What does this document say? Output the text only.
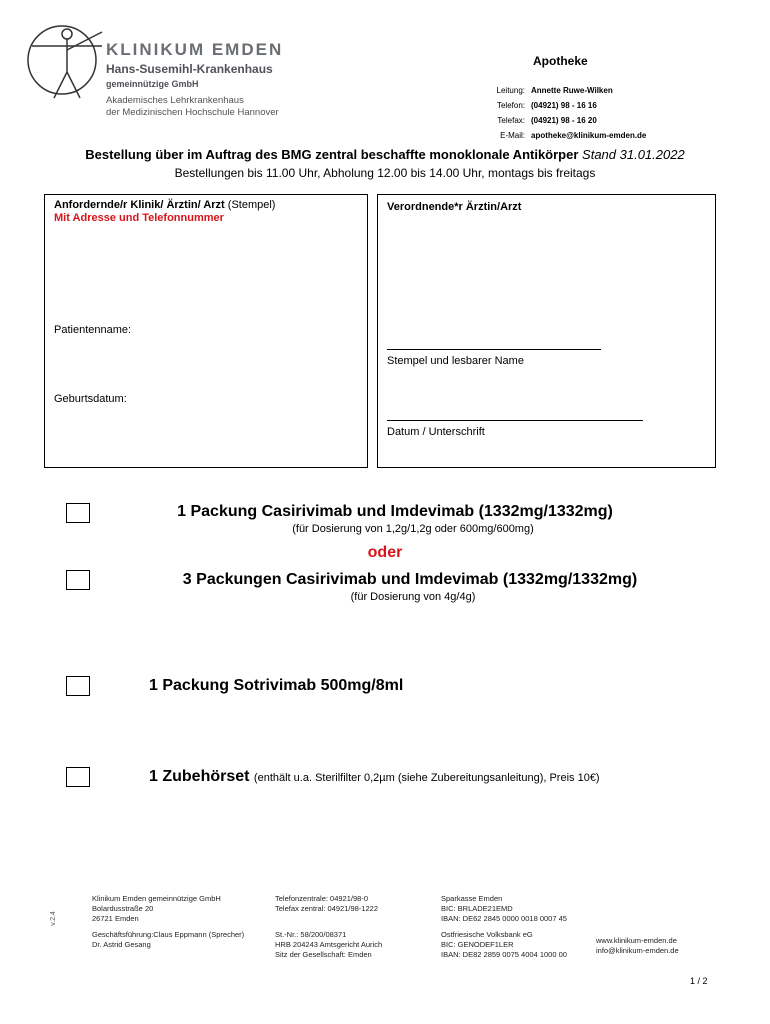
KLINIKUM EMDEN
Hans-Susemihl-Krankenhaus
gemeinnützige GmbH
Akademisches Lehrkrankenhaus
der Medizinischen Hochschule Hannover
Apotheke
Leitung: Annette Ruwe-Wilken
Telefon: (04921) 98 - 16 16
Telefax: (04921) 98 - 16 20
E-Mail: apotheke@klinikum-emden.de
Bestellung über im Auftrag des BMG zentral beschaffte monoklonale Antikörper Stand 31.01.2022
Bestellungen bis 11.00 Uhr, Abholung 12.00 bis 14.00 Uhr, montags bis freitags
Anfordernde/r Klinik/ Ärztin/ Arzt (Stempel)
Mit Adresse und Telefonnummer
Patientenname:
Geburtsdatum:
Verordnende*r Ärztin/Arzt
Stempel und lesbarer Name
Datum / Unterschrift
1 Packung Casirivimab und Imdevimab (1332mg/1332mg)
(für Dosierung von 1,2g/1,2g oder 600mg/600mg)
oder
3 Packungen Casirivimab und Imdevimab (1332mg/1332mg)
(für Dosierung von 4g/4g)
1 Packung Sotrivimab 500mg/8ml
1 Zubehörset (enthält u.a. Sterilfilter 0,2µm (siehe Zubereitungsanleitung), Preis 10€)
v.2.4
Klinikum Emden gemeinnützige GmbH
Bolardusstraße 20
26721 Emden
Geschäftsführung:Claus Eppmann (Sprecher)
Dr. Astrid Gesang
Telefonzentrale: 04921/98-0
Telefax zentral: 04921/98-1222
St.-Nr.: 58/200/08371
HRB 204243 Amtsgericht Aurich
Sitz der Gesellschaft: Emden
Sparkasse Emden
BIC: BRLADE21EMD
IBAN: DE62 2845 0000 0018 0007 45
Ostfriesische Volksbank eG
BIC: GENODEF1LER
IBAN: DE82 2859 0075 4004 1000 00
www.klinikum-emden.de
info@klinikum-emden.de
1 / 2
